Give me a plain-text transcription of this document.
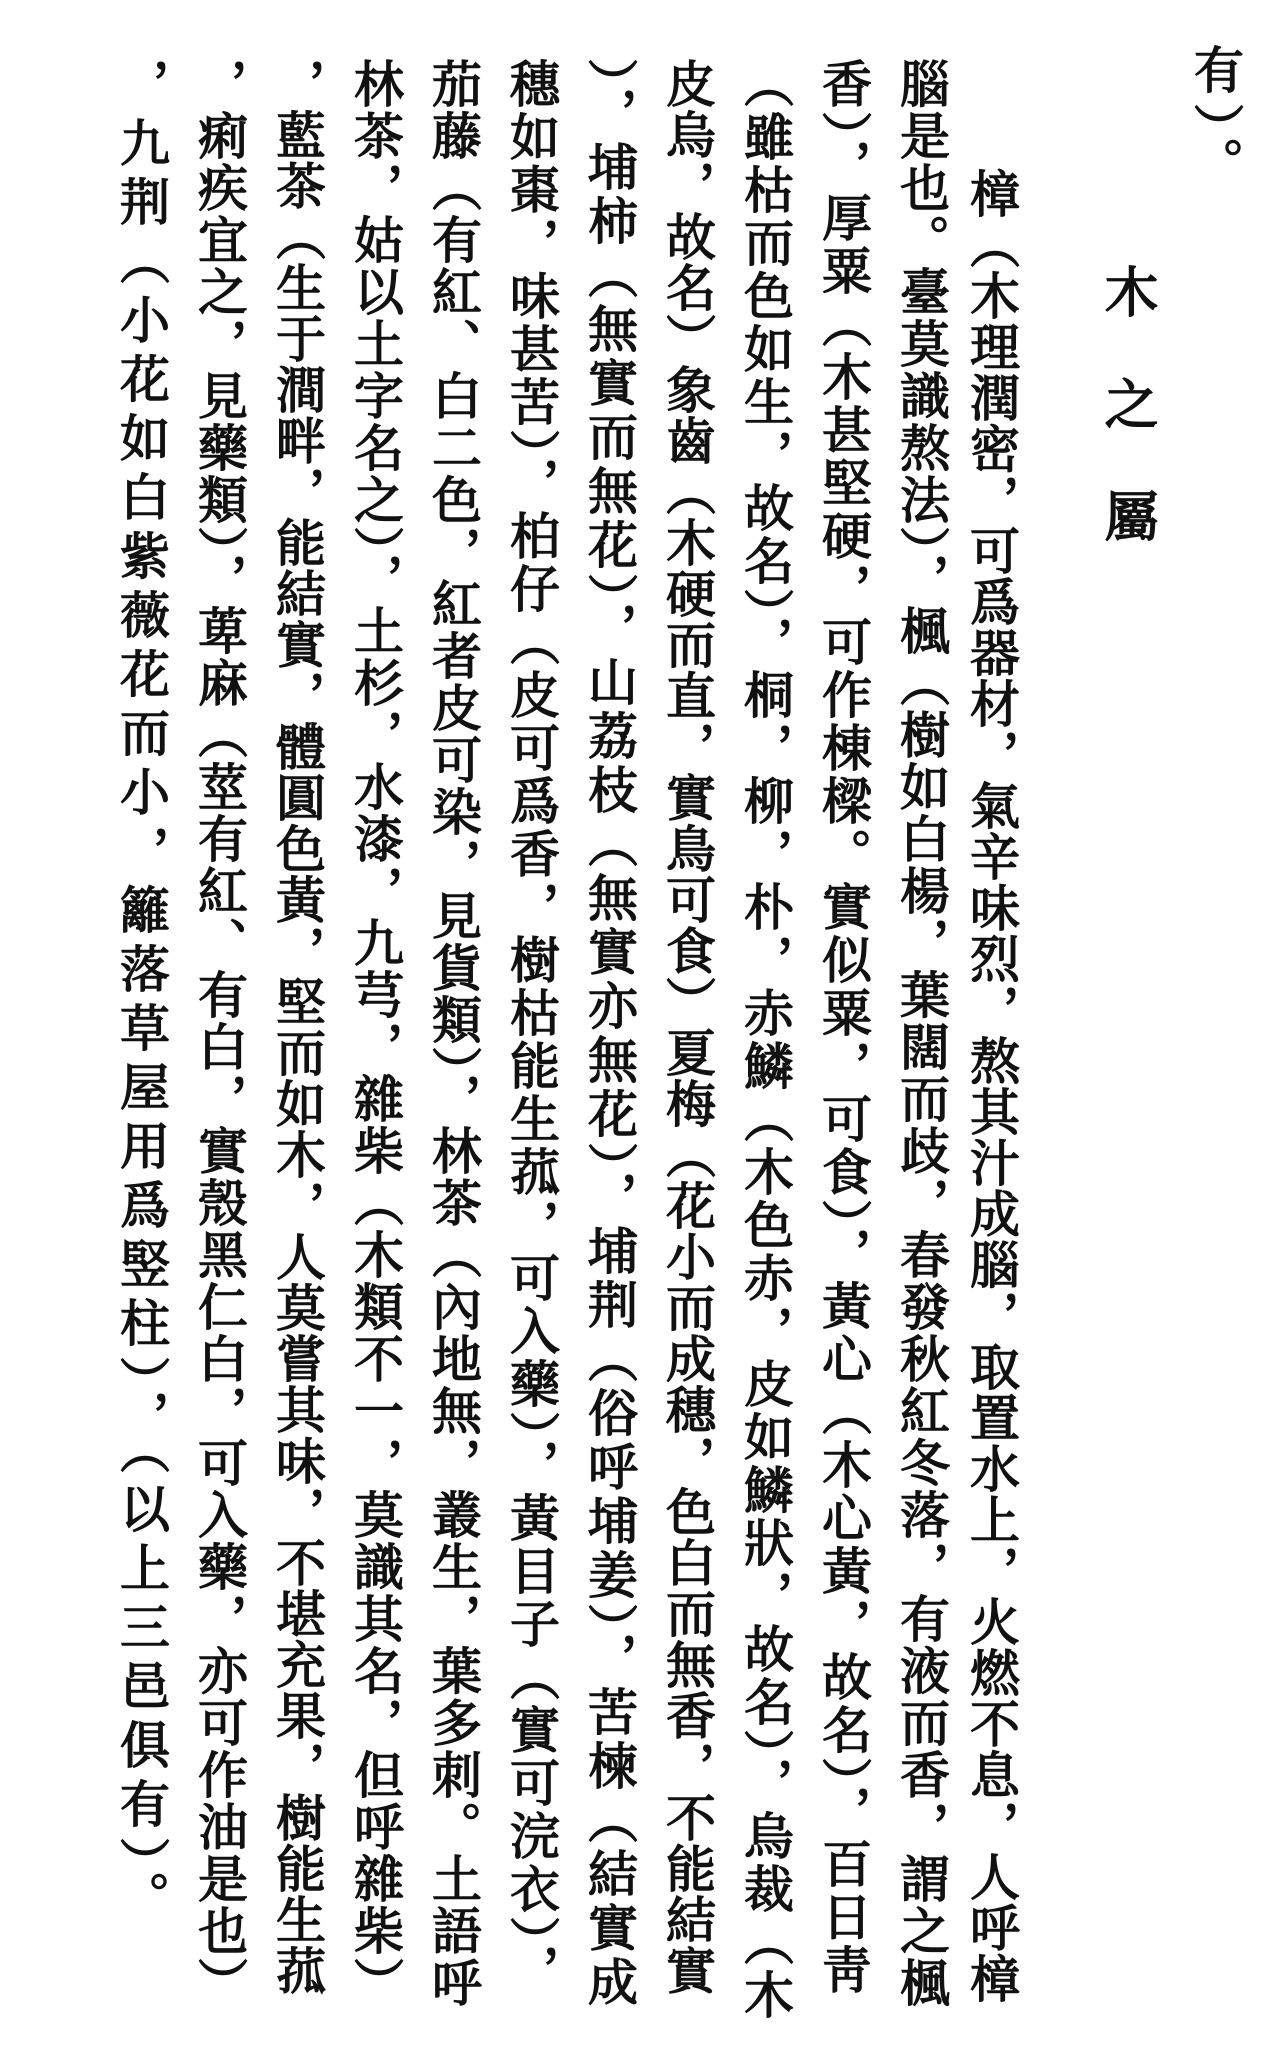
有）。
木之屬
樟（木理潤密，可爲器材，氣辛味烈，熬其汁成腦，取置水上，火燃不息，人呼樟
腦是也。臺莫識熬法），楓（樹如白楊，葉闊而歧，春發秋紅冬落，有液而香，謂之楓
香），厚粟（木甚堅硬，可作棟樑。實似粟，可食），黃心（木心黃，故名），百日靑
（雖枯而色如生，故名），桐，柳，朴，赤鱗（木色赤，皮如鱗狀，故名），烏裁（木
皮烏，故名）象齒（木硬而直，實鳥可食）夏梅（花小而成穗，色白而無香，不能結實
），埔柿（無實而無花），山荔枝（無實亦無花），埔荆（俗呼埔姜），苦楝（結實成
穗如棗，味甚苦），柏仔（皮可爲香，樹枯能生菰，可入藥），黃目子（實可浣衣），
茄藤（有紅、白二色，紅者皮可染，見貨類），林茶（內地無，叢生，葉多刺。土語呼
林茶，姑以土字名之），土杉，水漆，九芎，雜柴（木類不一，莫識其名，但呼雜柴）
，藍茶（生于澗畔，能結實，體圓色黃，堅而如木，人莫嘗其味，不堪充果，樹能生菰
，痢疾宜之，見藥類），萆麻（莖有紅、有白，實殼黑仁白，可入藥，亦可作油是也）
，九荆（小花如白紫薇花而小，籬落草屋用爲竪柱），（以上三邑俱有）。
